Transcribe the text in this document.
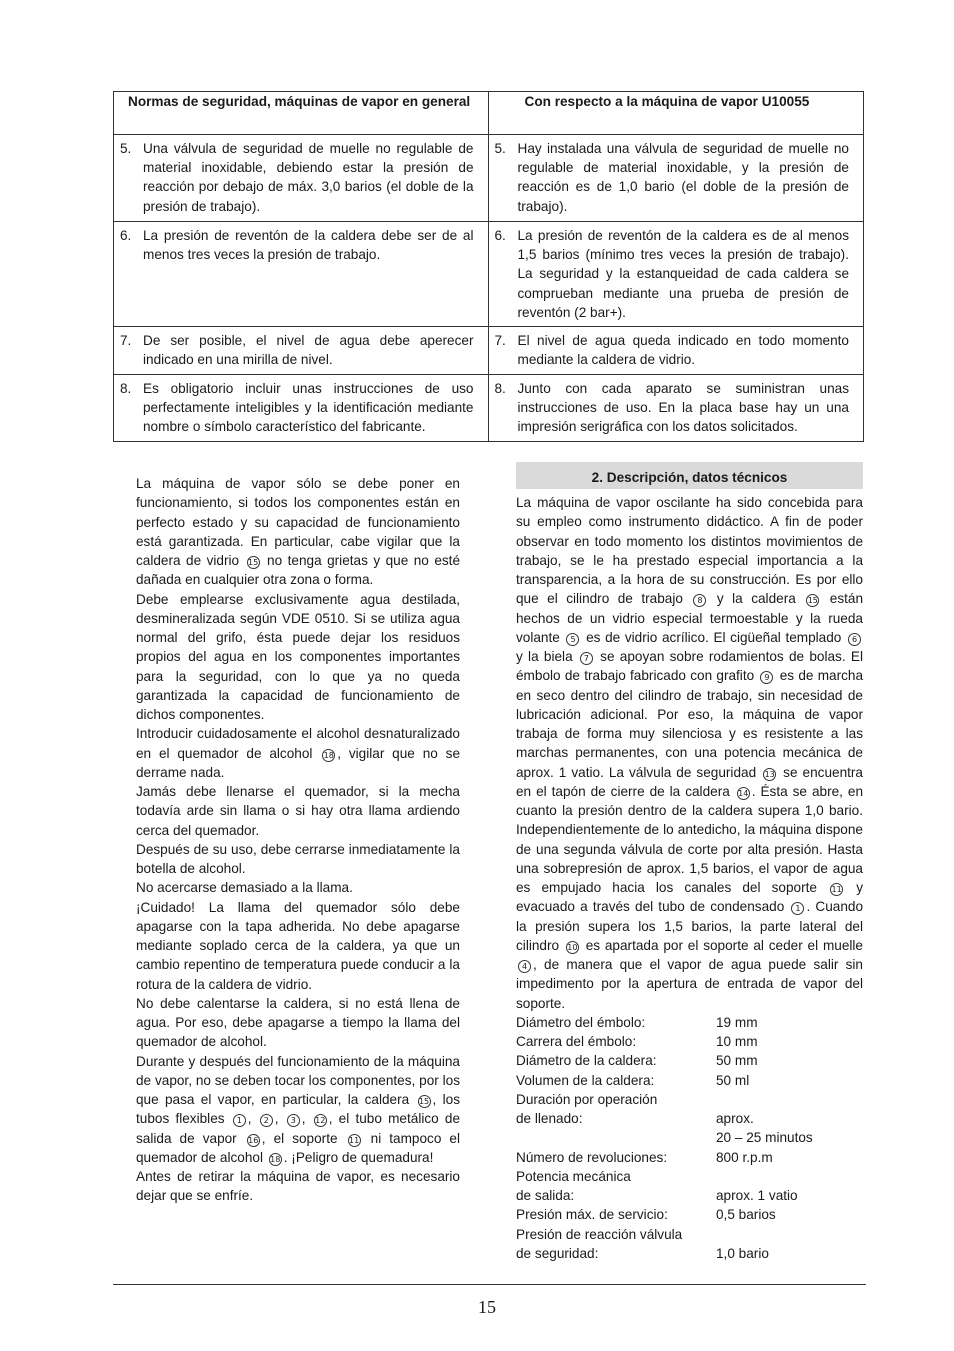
Normas de seguridad, máquinas de vapor en general	Con respecto a la máquina de vapor U10055

5. Una válvula de seguridad de muelle no regulable de material inoxidable, debiendo estar la presión de reacción por debajo de máx. 3,0 barios (el doble de la presión de trabajo).	5. Hay instalada una válvula de seguridad de muelle no regulable de material inoxidable, y la presión de reacción es de 1,0 bario (el doble de la presión de trabajo).

6. La presión de reventón de la caldera debe ser de al menos tres veces la presión de trabajo.	6. La presión de reventón de la caldera es de al menos 1,5 barios (mínimo tres veces la presión de trabajo). La seguridad y la estanqueidad de cada caldera se comprueban mediante una prueba de presión de reventón (2 bar+).

7. De ser posible, el nivel de agua debe aperecer indicado en una mirilla de nivel.	7. El nivel de agua queda indicado en todo momento mediante la caldera de vidrio.

8. Es obligatorio incluir unas instrucciones de uso perfectamente inteligibles y la identificación mediante nombre o símbolo característico del fabricante.	8. Junto con cada aparato se suministran unas instrucciones de uso. En la placa base hay un una impresión serigráfica con los datos solicitados.

La máquina de vapor sólo se debe poner en funcionamiento, si todos los componentes están en perfecto estado y su capacidad de funcionamiento está garantizada. En particular, cabe vigilar que la caldera de vidrio 15 no tenga grietas y que no esté dañada en cualquier otra zona o forma.

Debe emplearse exclusivamente agua destilada, desmineralizada según VDE 0510. Si se utiliza agua normal del grifo, ésta puede dejar los residuos propios del agua en los componentes importantes para la seguridad, con lo que ya no queda garantizada la capacidad de funcionamiento de dichos componentes.

Introducir cuidadosamente el alcohol desnaturalizado en el quemador de alcohol 18 , vigilar que no se derrame nada.

Jamás debe llenarse el quemador, si la mecha todavía arde sin llama o si hay otra llama ardiendo cerca del quemador.

Después de su uso, debe cerrarse inmediatamente la botella de alcohol.

No acercarse demasiado a la llama.

¡Cuidado! La llama del quemador sólo debe apagarse con la tapa adherida. No debe apagarse mediante soplado cerca de la caldera, ya que un cambio repentino de temperatura puede conducir a la rotura de la caldera de vidrio.

No debe calentarse la caldera, si no está llena de agua. Por eso, debe apagarse a tiempo la llama del quemador de alcohol.

Durante y después del funcionamiento de la máquina de vapor, no se deben tocar los componentes, por los que pasa el vapor, en particular, la caldera 15 , los tubos flexibles 1 , 2 , 3 , 12 , el tubo metálico de salida de vapor 16 , el soporte 11 ni tampoco el quemador de alcohol 18 . ¡Peligro de quemadura!

Antes de retirar la máquina de vapor, es necesario dejar que se enfríe.

2. Descripción, datos técnicos
La máquina de vapor oscilante ha sido concebida para su empleo como instrumento didáctico. A fin de poder observar en todo momento los distintos movimientos de trabajo, se le ha prestado especial importancia a la transparencia, a la hora de su construcción. Es por ello que el cilindro de trabajo 8 y la caldera 15 están hechos de un vidrio especial termoestable y la rueda volante 5 es de vidrio acrílico. El cigüeñal templado 6 y la biela 7 se apoyan sobre rodamientos de bolas. El émbolo de trabajo fabricado con grafito 9 es de marcha en seco dentro del cilindro de trabajo, sin necesidad de lubricación adicional. Por eso, la máquina de vapor trabaja de forma muy silenciosa y es resistente a las marchas permanentes, con una potencia mecánica de aprox. 1 vatio. La válvula de seguridad 13 se encuentra en el tapón de cierre de la caldera 14 . Ésta se abre, en cuanto la presión dentro de la caldera supera 1,0 bario. Independientemente de lo antedicho, la máquina dispone de una segunda válvula de corte por alta presión. Hasta una sobrepresión de aprox. 1,5 barios, el vapor de agua es empujado hacia los canales del soporte 11 y evacuado a través del tubo de condensado 1 . Cuando la presión supera los 1,5 barios, la parte lateral del cilindro 10 es apartada por el soporte al ceder el muelle 4 , de manera que el vapor de agua puede salir sin impedimento por la apertura de entrada de vapor del soporte.
Diámetro del émbolo:	19 mm
Carrera del émbolo:	10 mm
Diámetro de la caldera:	50 mm
Volumen de la caldera:	50 ml
Duración por operación
de llenado:	aprox.
20 – 25 minutos
Número de revoluciones:	800 r.p.m
Potencia mecánica
de salida:	aprox. 1 vatio
Presión máx. de servicio:	0,5 barios
Presión de reacción válvula
de seguridad:	1,0 bario
15
